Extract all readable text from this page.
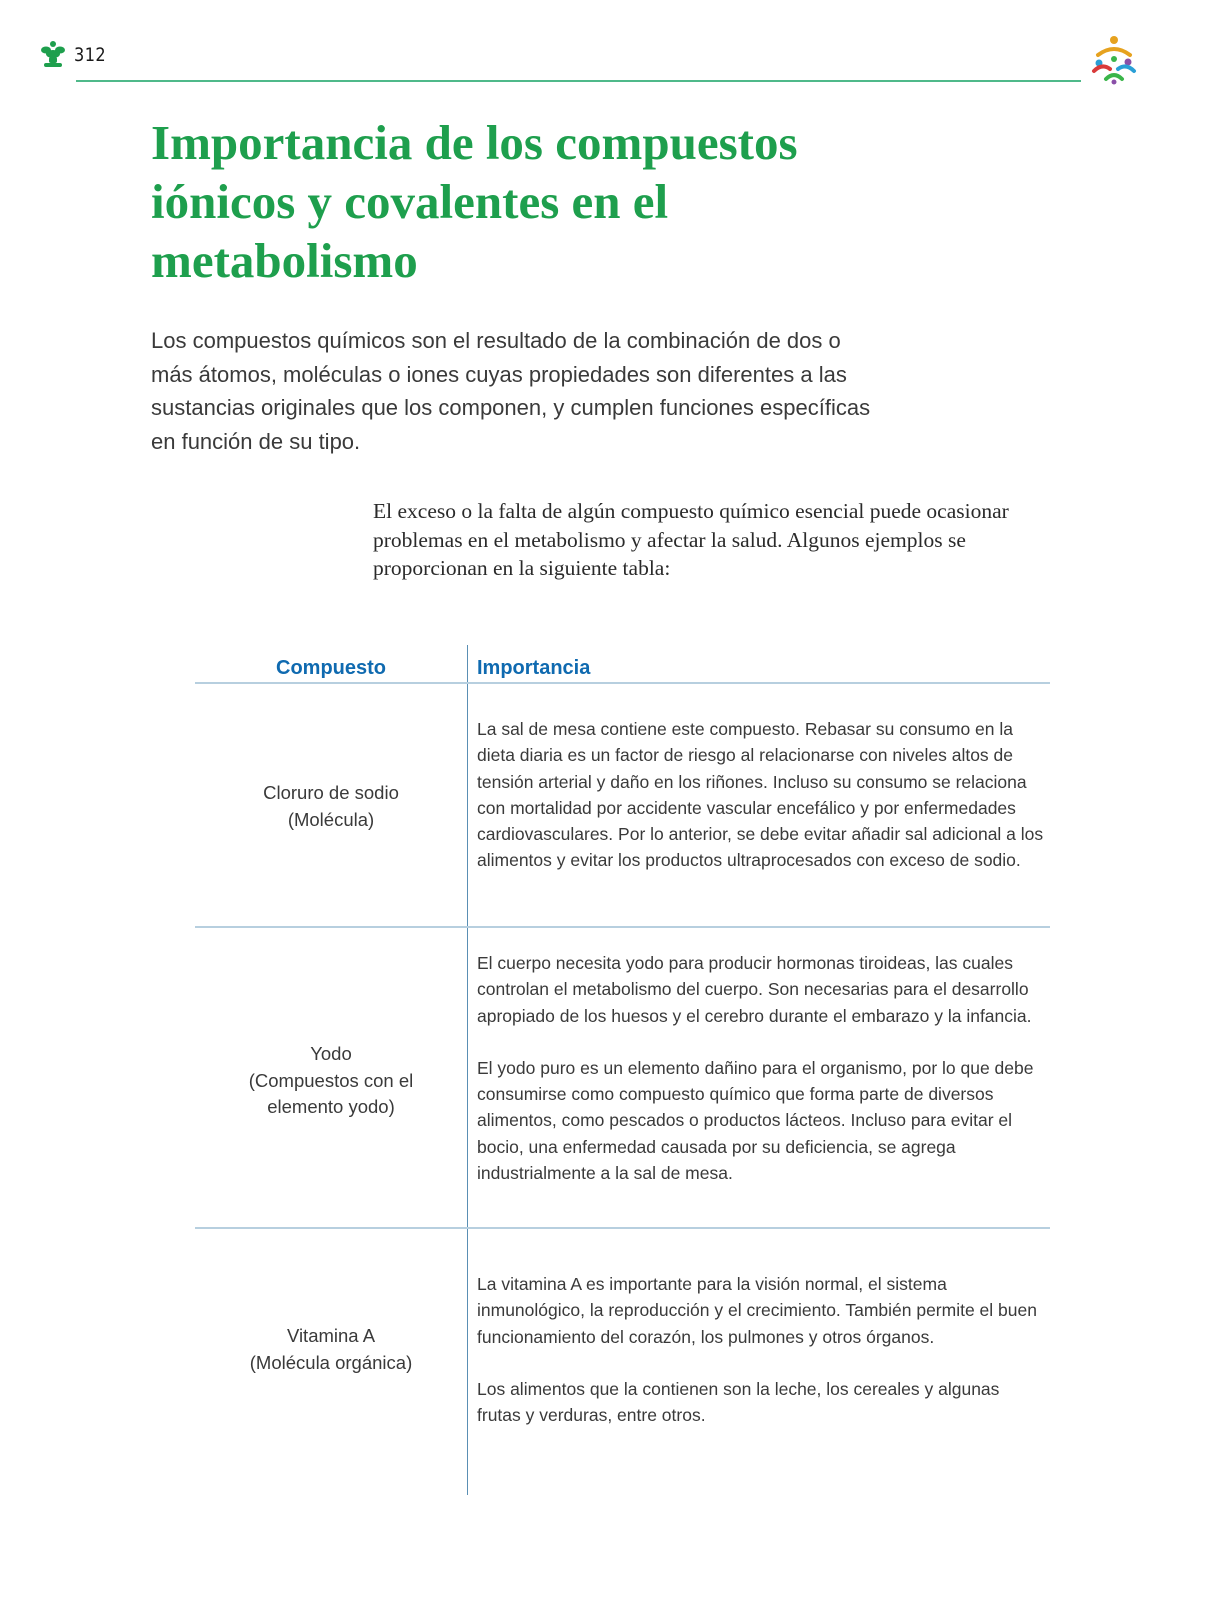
312
Importancia de los compuestos iónicos y covalentes en el metabolismo

Los compuestos químicos son el resultado de la combinación de dos o más átomos, moléculas o iones cuyas propiedades son diferentes a las sustancias originales que los componen, y cumplen funciones específicas en función de su tipo.

El exceso o la falta de algún compuesto químico esencial puede ocasionar problemas en el metabolismo y afectar la salud. Algunos ejemplos se proporcionan en la siguiente tabla:

Compuesto	Importancia
Cloruro de sodio
(Molécula)

La sal de mesa contiene este compuesto. Rebasar su consumo en la dieta diaria es un factor de riesgo al relacionarse con niveles altos de tensión arterial y daño en los riñones. Incluso su consumo se relaciona con mortalidad por accidente vascular encefálico y por enfermedades cardiovasculares. Por lo anterior, se debe evitar añadir sal adicional a los alimentos y evitar los productos ultraprocesados con exceso de sodio.

Yodo
(Compuestos con el elemento yodo)

El cuerpo necesita yodo para producir hormonas tiroideas, las cuales controlan el metabolismo del cuerpo. Son necesarias para el desarrollo apropiado de los huesos y el cerebro durante el embarazo y la infancia.

El yodo puro es un elemento dañino para el organismo, por lo que debe consumirse como compuesto químico que forma parte de diversos alimentos, como pescados o productos lácteos. Incluso para evitar el bocio, una enfermedad causada por su deficiencia, se agrega industrialmente a la sal de mesa.

Vitamina A
(Molécula orgánica)

La vitamina A es importante para la visión normal, el sistema inmunológico, la reproducción y el crecimiento. También permite el buen funcionamiento del corazón, los pulmones y otros órganos.

Los alimentos que la contienen son la leche, los cereales y algunas frutas y verduras, entre otros.
